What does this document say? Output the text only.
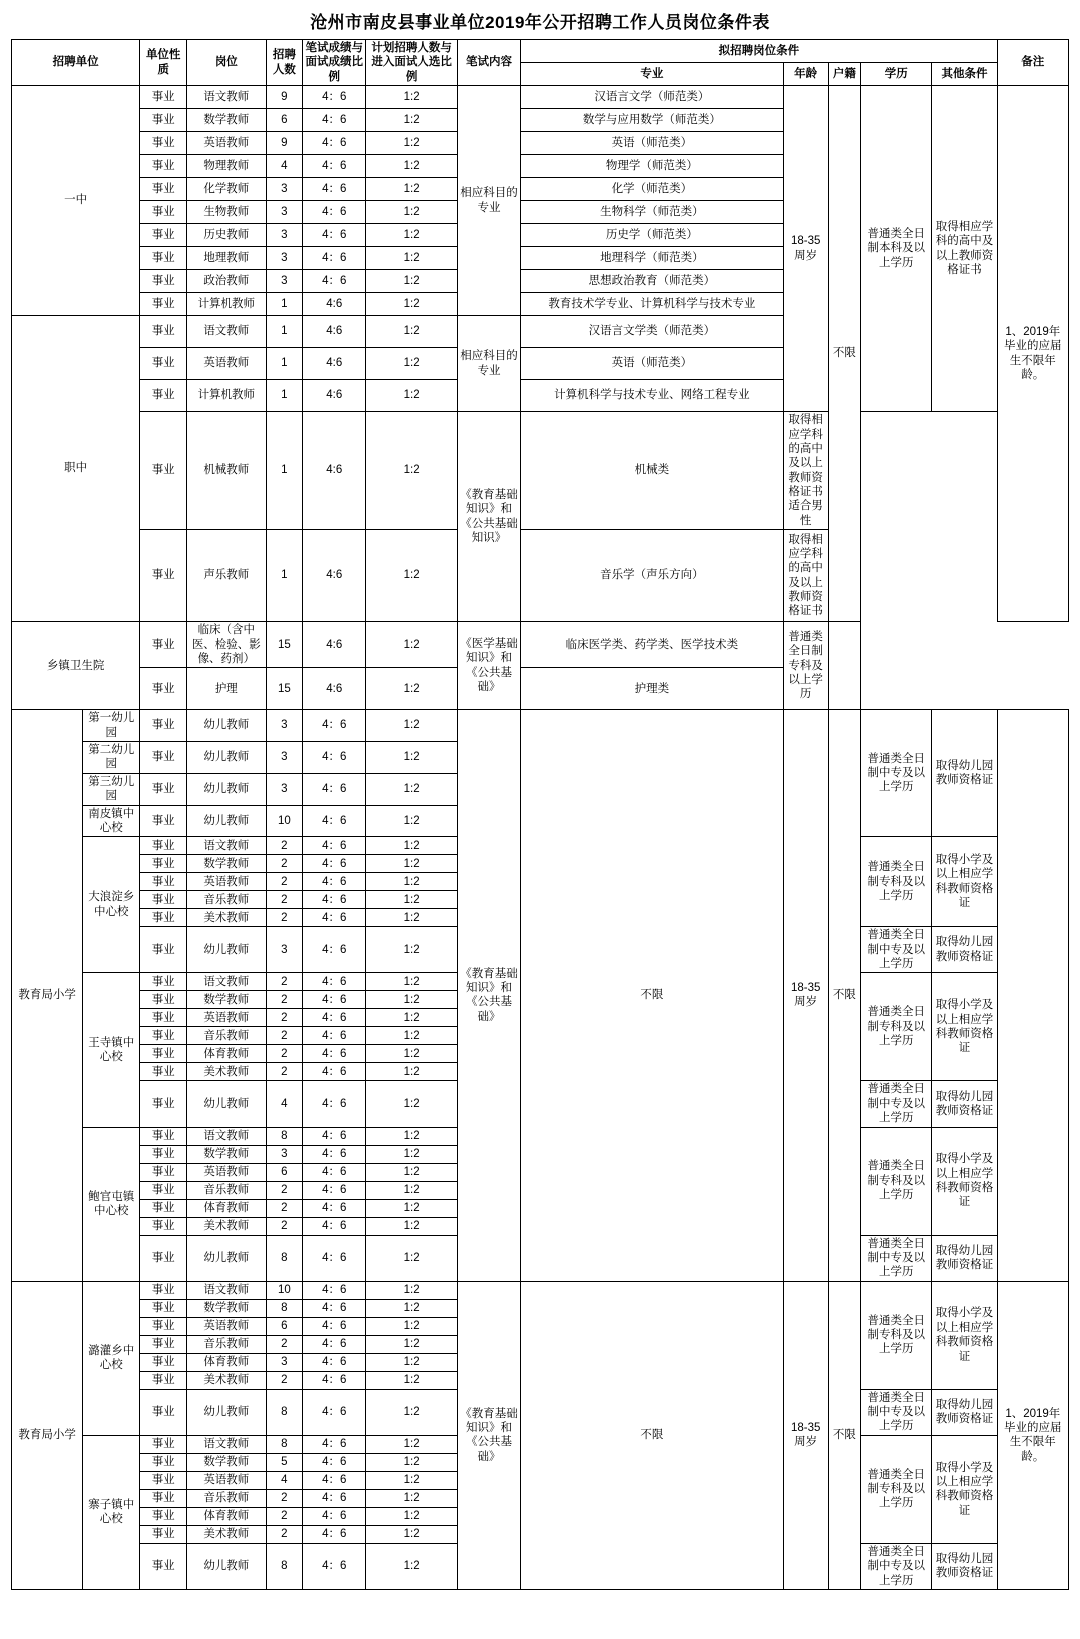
沧州市南皮县事业单位2019年公开招聘工作人员岗位条件表
招聘单位		单位性质	岗位	招聘人数	笔试成绩与面试成绩比例	计划招聘人数与进入面试人选比例	笔试内容	拟招聘岗位条件					备注
								专业	年龄	户籍	学历	其他条件	
一中		事业	语文教师	9	4：6	1:2	相应科目的专业	汉语言文学（师范类）	18-35周岁	不限	普通类全日制本科及以上学历	取得相应学科的高中及以上教师资格证书	1、2019年毕业的应届生不限年龄。
		事业	数学教师	6	4：6	1:2		数学与应用数学（师范类）					
		事业	英语教师	9	4：6	1:2		英语（师范类）					
		事业	物理教师	4	4：6	1:2		物理学（师范类）					
		事业	化学教师	3	4：6	1:2		化学（师范类）					
		事业	生物教师	3	4：6	1:2		生物科学（师范类）					
		事业	历史教师	3	4：6	1:2		历史学（师范类）					
		事业	地理教师	3	4：6	1:2		地理科学（师范类）					
		事业	政治教师	3	4：6	1:2		思想政治教育（师范类）					
		事业	计算机教师	1	4:6	1:2		教育技术学专业、计算机科学与技术专业					
职中		事业	语文教师	1	4:6	1:2	相应科目的专业	汉语言文学类（师范类）					
		事业	英语教师	1	4:6	1:2		英语（师范类）					
		事业	计算机教师	1	4:6	1:2		计算机科学与技术专业、网络工程专业					
		事业	机械教师	1	4:6	1:2	《教育基础知识》和《公共基础知识》	机械类	取得相应学科的高中及以上教师资格证书适合男性				
		事业	声乐教师	1	4:6	1:2		音乐学（声乐方向）	取得相应学科的高中及以上教师资格证书				
乡镇卫生院		事业	临床（含中医、检验、影像、药剂）	15	4:6	1:2	《医学基础知识》和《公共基础》	临床医学类、药学类、医学技术类	普通类全日制专科及以上学历				
		事业	护理	15	4:6	1:2		护理类					
教育局小学	第一幼儿园	事业	幼儿教师	3	4：6	1:2	《教育基础知识》和《公共基础》	不限	18-35周岁	不限	普通类全日制中专及以上学历	取得幼儿园教师资格证	
	第二幼儿园	事业	幼儿教师	3	4：6	1:2							
	第三幼儿园	事业	幼儿教师	3	4：6	1:2							
	南皮镇中心校	事业	幼儿教师	10	4：6	1:2							
	大浪淀乡中心校	事业	语文教师	2	4：6	1:2					普通类全日制专科及以上学历	取得小学及以上相应学科教师资格证	
		事业	数学教师	2	4：6	1:2							
		事业	英语教师	2	4：6	1:2							
		事业	音乐教师	2	4：6	1:2							
		事业	美术教师	2	4：6	1:2							
		事业	幼儿教师	3	4：6	1:2					普通类全日制中专及以上学历	取得幼儿园教师资格证	
	王寺镇中心校	事业	语文教师	2	4：6	1:2					普通类全日制专科及以上学历	取得小学及以上相应学科教师资格证	
		事业	数学教师	2	4：6	1:2							
		事业	英语教师	2	4：6	1:2							
		事业	音乐教师	2	4：6	1:2							
		事业	体育教师	2	4：6	1:2							
		事业	美术教师	2	4：6	1:2							
		事业	幼儿教师	4	4：6	1:2					普通类全日制中专及以上学历	取得幼儿园教师资格证	
	鲍官屯镇中心校	事业	语文教师	8	4：6	1:2					普通类全日制专科及以上学历	取得小学及以上相应学科教师资格证	
		事业	数学教师	3	4：6	1:2							
		事业	英语教师	6	4：6	1:2							
		事业	音乐教师	2	4：6	1:2							
		事业	体育教师	2	4：6	1:2							
		事业	美术教师	2	4：6	1:2							
		事业	幼儿教师	8	4：6	1:2					普通类全日制中专及以上学历	取得幼儿园教师资格证	
教育局小学	潞灌乡中心校	事业	语文教师	10	4：6	1:2	《教育基础知识》和《公共基础》	不限	18-35周岁	不限	普通类全日制专科及以上学历	取得小学及以上相应学科教师资格证	1、2019年毕业的应届生不限年龄。
		事业	数学教师	8	4：6	1:2							
		事业	英语教师	6	4：6	1:2							
		事业	音乐教师	2	4：6	1:2							
		事业	体育教师	3	4：6	1:2							
		事业	美术教师	2	4：6	1:2							
		事业	幼儿教师	8	4：6	1:2					普通类全日制中专及以上学历	取得幼儿园教师资格证	
	寨子镇中心校	事业	语文教师	8	4：6	1:2					普通类全日制专科及以上学历	取得小学及以上相应学科教师资格证	
		事业	数学教师	5	4：6	1:2							
		事业	英语教师	4	4：6	1:2							
		事业	音乐教师	2	4：6	1:2							
		事业	体育教师	2	4：6	1:2							
		事业	美术教师	2	4：6	1:2							
		事业	幼儿教师	8	4：6	1:2					普通类全日制中专及以上学历	取得幼儿园教师资格证	
